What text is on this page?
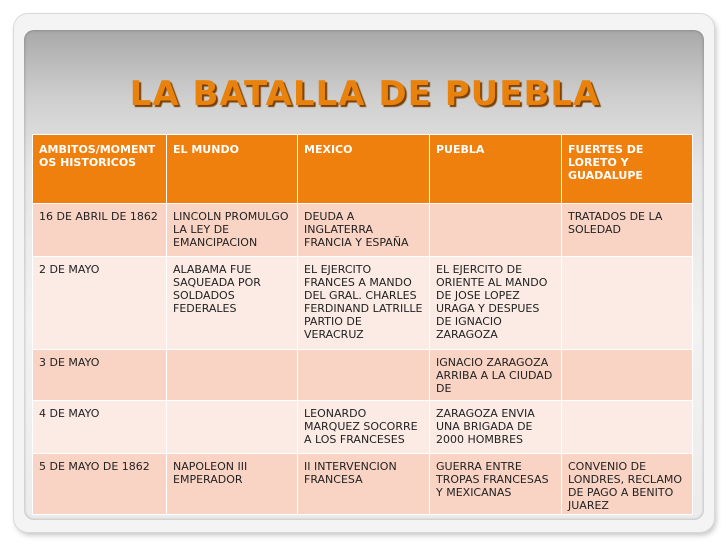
LA BATALLA DE PUEBLA
AMBITOS/MOMENTOS HISTORICOS	EL MUNDO	MEXICO	PUEBLA	FUERTES DE LORETO Y GUADALUPE
16 DE ABRIL DE 1862	LINCOLN PROMULGO LA LEY DE EMANCIPACION	DEUDA A INGLATERRA FRANCIA Y ESPAÑA		TRATADOS DE LA SOLEDAD
2 DE MAYO	ALABAMA FUE SAQUEADA POR SOLDADOS FEDERALES	EL EJERCITO FRANCES A MANDO DEL GRAL. CHARLES FERDINAND LATRILLE PARTIO DE VERACRUZ	EL EJERCITO DE ORIENTE AL MANDO DE JOSE LOPEZ URAGA Y DESPUES DE IGNACIO ZARAGOZA	
3 DE MAYO			IGNACIO ZARAGOZA ARRIBA A LA CIUDAD DE	
4 DE MAYO		LEONARDO MARQUEZ SOCORRE A LOS FRANCESES	ZARAGOZA ENVIA UNA BRIGADA DE 2000 HOMBRES	
5 DE MAYO DE 1862	NAPOLEON III EMPERADOR	II INTERVENCION FRANCESA	GUERRA ENTRE TROPAS FRANCESAS Y MEXICANAS	CONVENIO DE LONDRES, RECLAMO DE PAGO A BENITO JUAREZ
